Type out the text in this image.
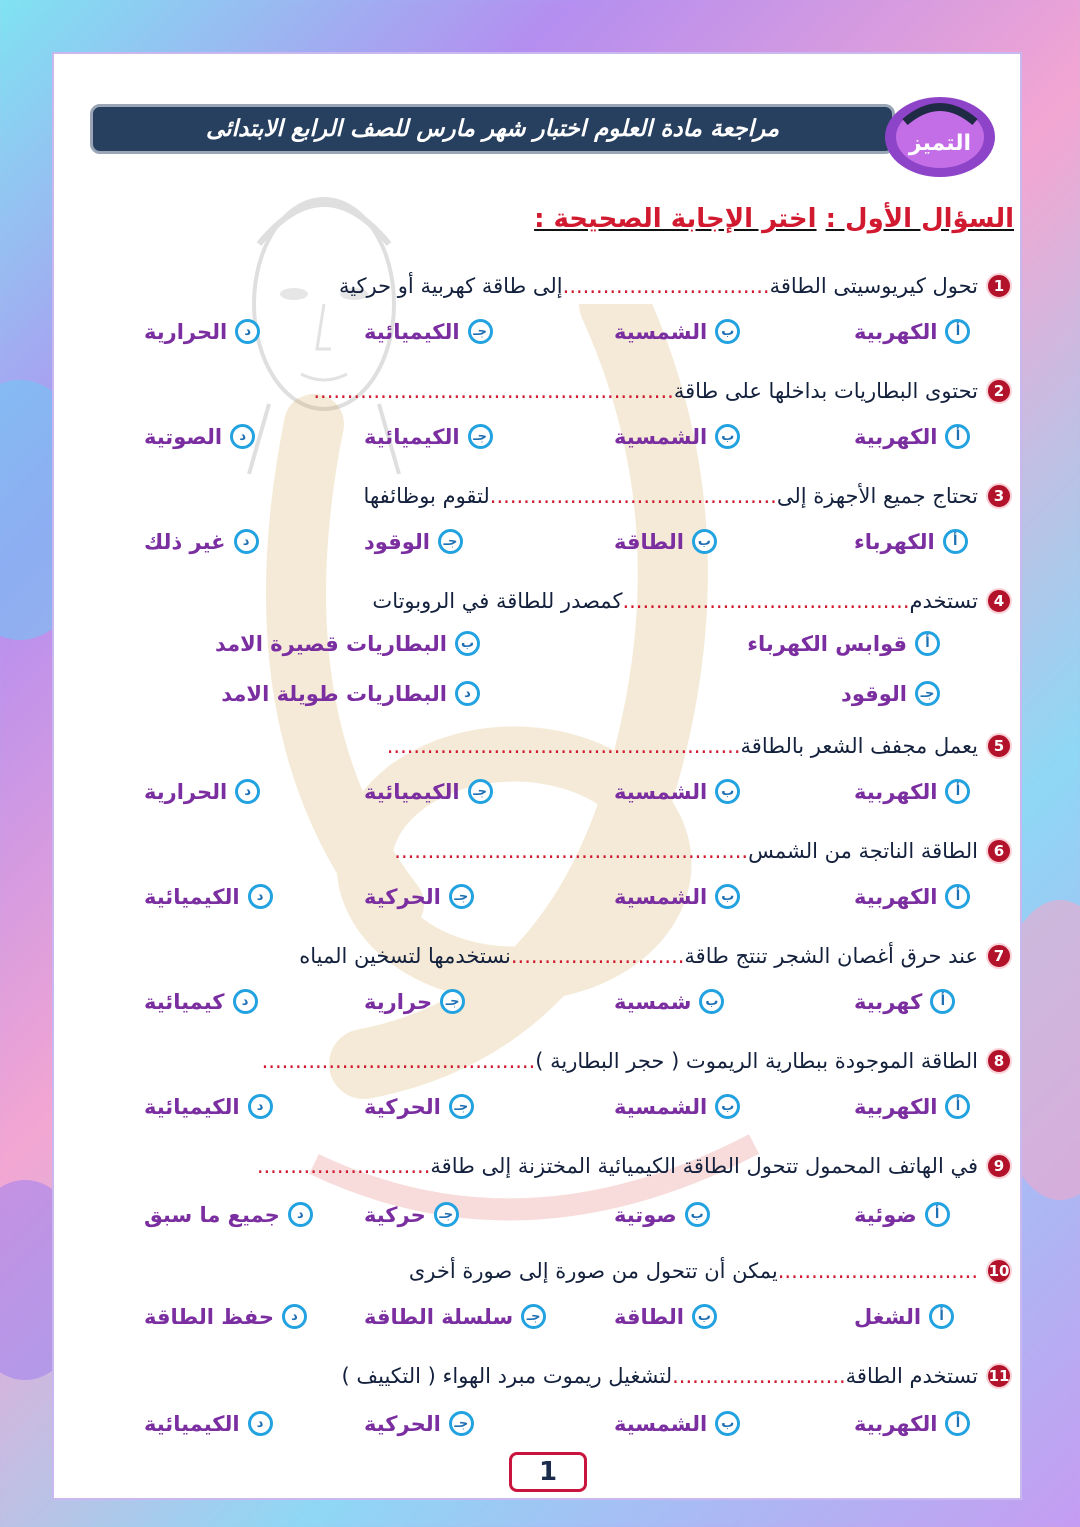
مراجعة مادة العلوم اختبار شهر مارس للصف الرابع الابتدائى
التميز
السؤال الأول : اختر الإجابة الصحيحة :
1
تحول كيريوسيتى الطاقة
...............................
إلى طاقة كهربية أو حركية
أ
الكهربية
ب
الشمسية
جـ
الكيميائية
د
الحرارية
2
تحتوى البطاريات بداخلها على طاقة
......................................................
أ
الكهربية
ب
الشمسية
جـ
الكيميائية
د
الصوتية
3
تحتاج جميع الأجهزة إلى
...........................................
لتقوم بوظائفها
أ
الكهرباء
ب
الطاقة
جـ
الوقود
د
غير ذلك
4
تستخدم
...........................................
كمصدر للطاقة في الروبوتات
أ
قوابس الكهرباء
ب
البطاريات قصيرة الامد
جـ
الوقود
د
البطاريات طويلة الامد
5
يعمل مجفف الشعر بالطاقة
.....................................................
أ
الكهربية
ب
الشمسية
جـ
الكيميائية
د
الحرارية
6
الطاقة الناتجة من الشمس
.....................................................
أ
الكهربية
ب
الشمسية
جـ
الحركية
د
الكيميائية
7
عند حرق أغصان الشجر تنتج طاقة
..........................
نستخدمها لتسخين المياه
أ
كهربية
ب
شمسية
جـ
حرارية
د
كيميائية
8
الطاقة الموجودة ببطارية الريموت ( حجر البطارية )
.........................................
أ
الكهربية
ب
الشمسية
جـ
الحركية
د
الكيميائية
9
في الهاتف المحمول تتحول الطاقة الكيميائية المختزنة إلى طاقة
..........................
أ
ضوئية
ب
صوتية
جـ
حركية
د
جميع ما سبق
10
..............................
يمكن أن تتحول من صورة إلى صورة أخرى
أ
الشغل
ب
الطاقة
جـ
سلسلة الطاقة
د
حفظ الطاقة
11
تستخدم الطاقة
..........................
لتشغيل ريموت مبرد الهواء ( التكييف )
أ
الكهربية
ب
الشمسية
جـ
الحركية
د
الكيميائية
1
